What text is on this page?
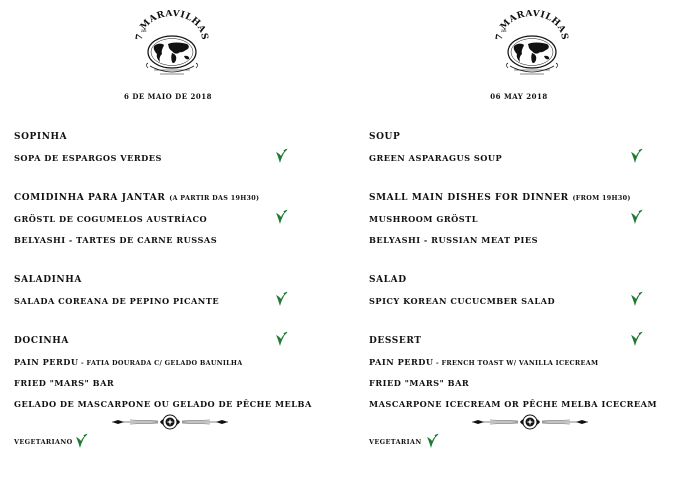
6 DE MAIO DE 2018
SOPINHA
SOPA DE ESPARGOS VERDES
COMIDINHA PARA JANTAR (A PARTIR DAS 19H30)
GRÖSTL DE COGUMELOS AUSTRÍACO
BELYASHI - TARTES DE CARNE RUSSAS
SALADINHA
SALADA COREANA DE PEPINO PICANTE
DOCINHA
PAIN PERDU - FATIA DOURADA C/ GELADO BAUNILHA
FRIED "MARS" BAR
GELADO DE MASCARPONE OU GELADO DE PÊCHE MELBA
VEGETARIANO
06 MAY 2018
SOUP
GREEN ASPARAGUS SOUP
SMALL MAIN DISHES FOR DINNER (FROM 19H30)
MUSHROOM GRÖSTL
BELYASHI - RUSSIAN MEAT PIES
SALAD
SPICY KOREAN CUCUCMBER SALAD
DESSERT
PAIN PERDU - FRENCH TOAST W/ VANILLA ICECREAM
FRIED "MARS" BAR
MASCARPONE ICECREAM OR PÊCHE MELBA ICECREAM
VEGETARIAN
